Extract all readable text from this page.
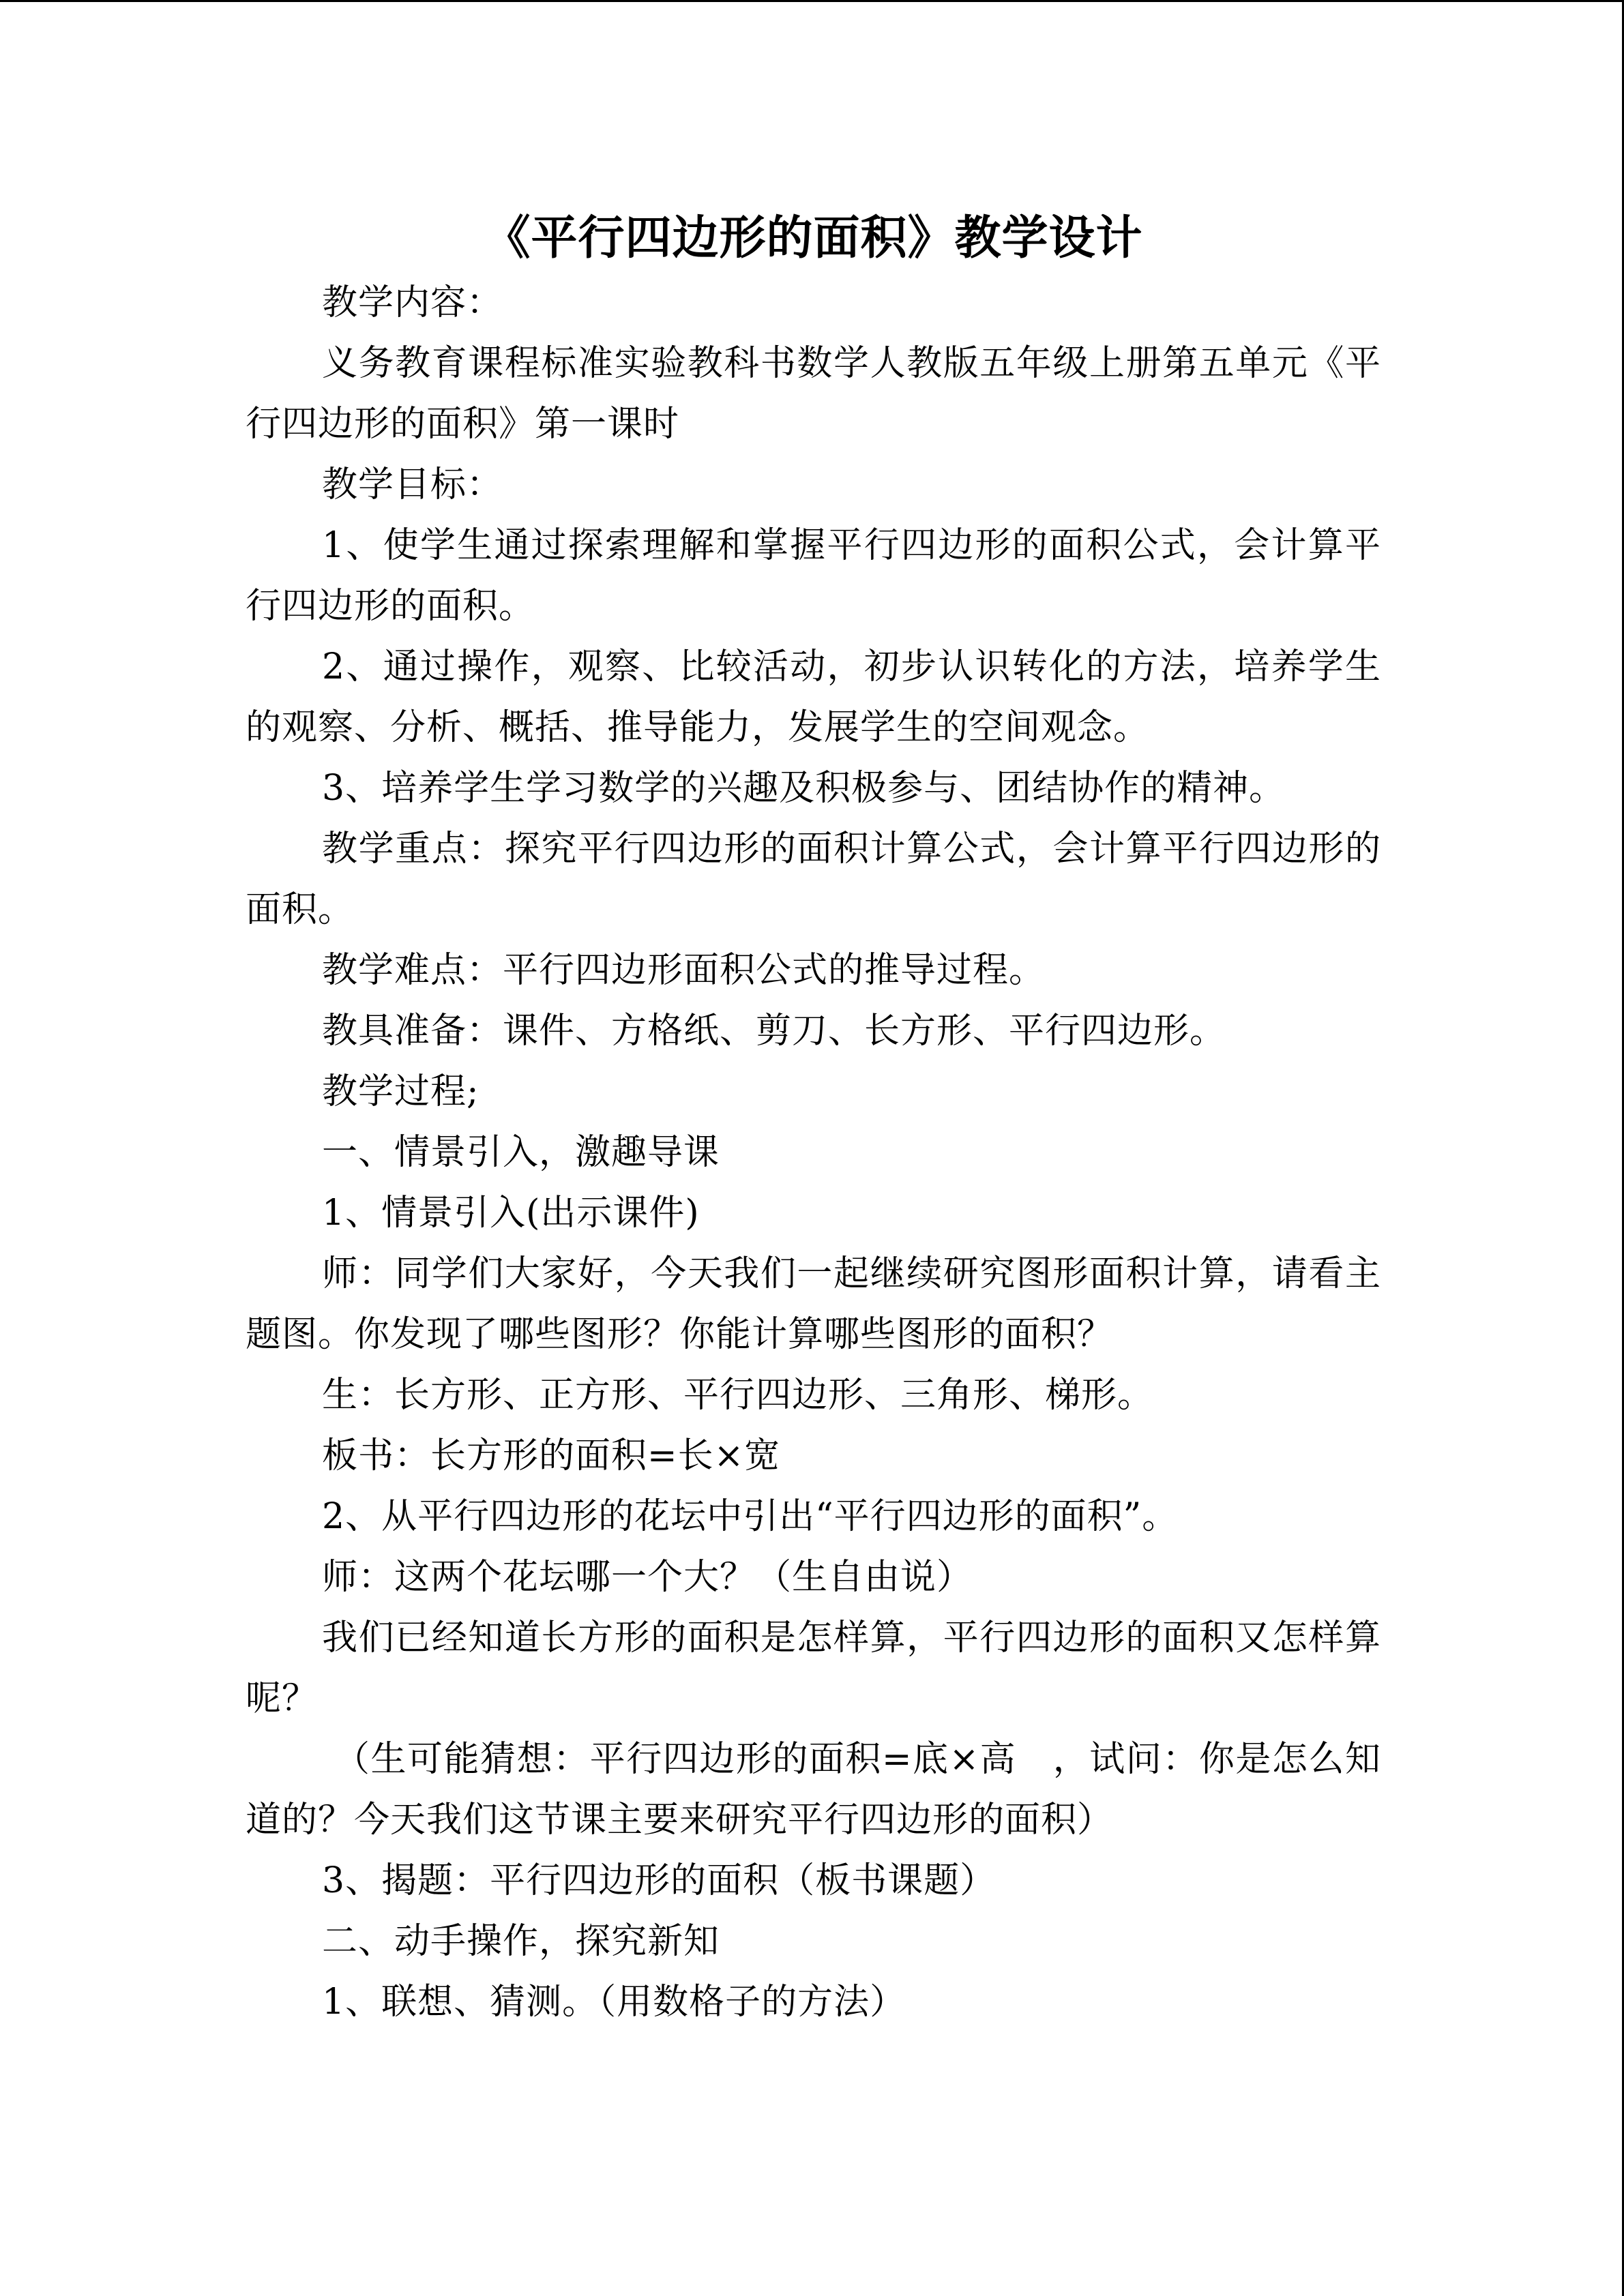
《平行四边形的面积》教学设计

教学内容：

义务教育课程标准实验教科书数学人教版五年级上册第五单元《平行四边形的面积》第一课时

教学目标：

1、使学生通过探索理解和掌握平行四边形的面积公式，会计算平行四边形的面积。

2、通过操作，观察、比较活动，初步认识转化的方法，培养学生的观察、分析、概括、推导能力，发展学生的空间观念。

3、培养学生学习数学的兴趣及积极参与、团结协作的精神。

教学重点：探究平行四边形的面积计算公式，会计算平行四边形的面积。

教学难点：平行四边形面积公式的推导过程。

教具准备：课件、方格纸、剪刀、长方形、平行四边形。

教学过程;

一、情景引入，激趣导课

1、情景引入(出示课件)

师：同学们大家好，今天我们一起继续研究图形面积计算，请看主题图。你发现了哪些图形？你能计算哪些图形的面积？

生：长方形、正方形、平行四边形、三角形、梯形。

板书：长方形的面积=长×宽

2、从平行四边形的花坛中引出“平行四边形的面积”。

师：这两个花坛哪一个大？（生自由说）

我们已经知道长方形的面积是怎样算，平行四边形的面积又怎样算呢？

（生可能猜想：平行四边形的面积=底×高　，试问：你是怎么知道的？今天我们这节课主要来研究平行四边形的面积）

3、揭题：平行四边形的面积（板书课题）

二、动手操作，探究新知

1、联想、猜测。（用数格子的方法）
